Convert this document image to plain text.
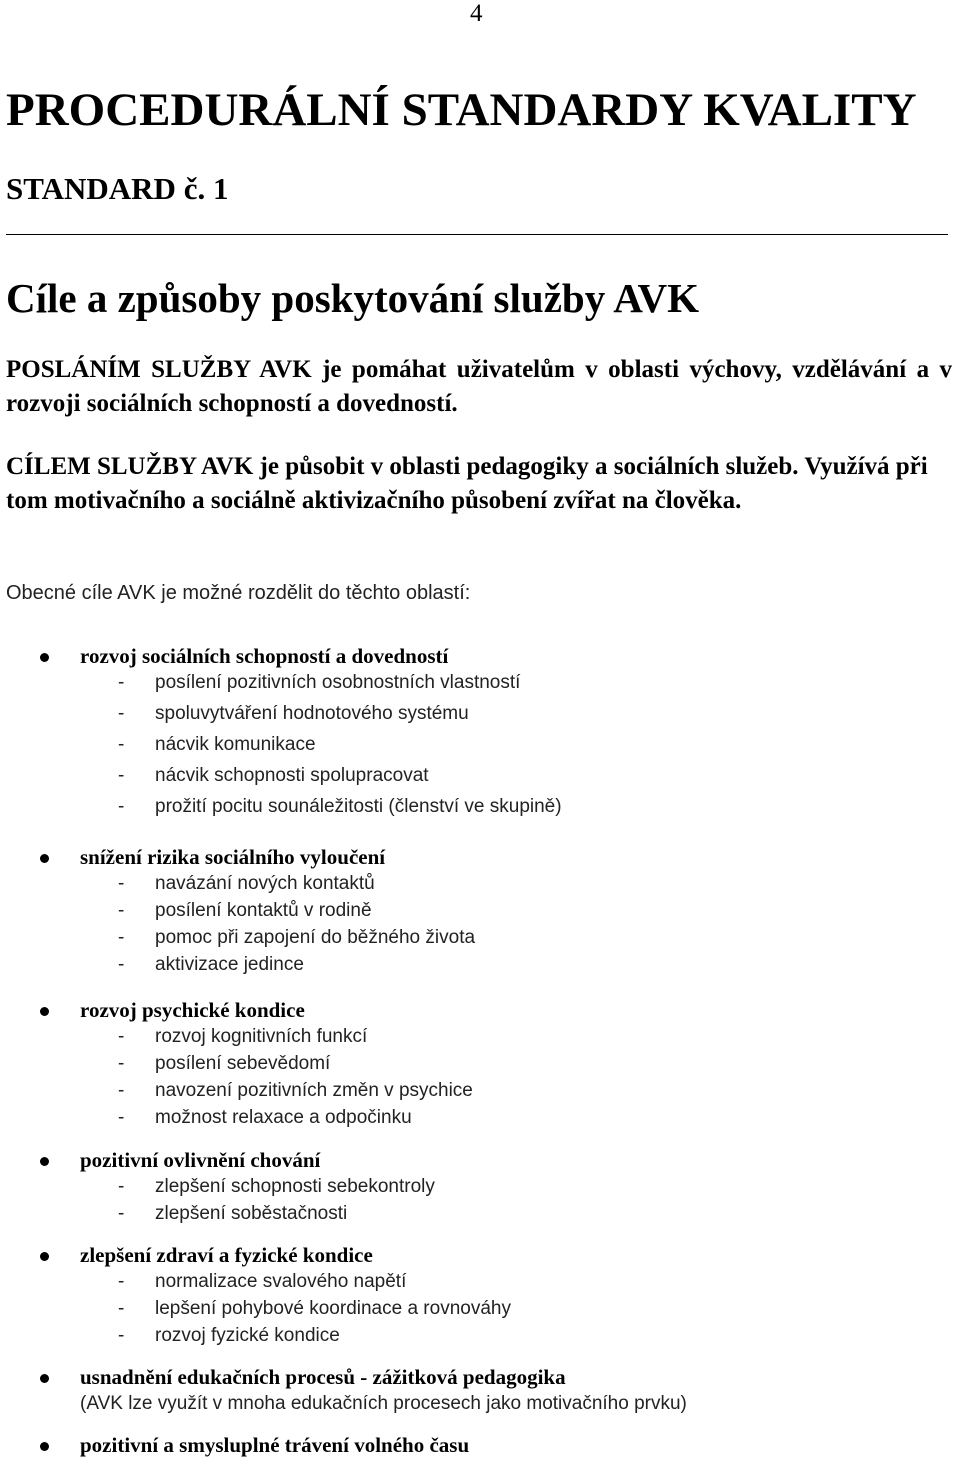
4
PROCEDURÁLNÍ STANDARDY KVALITY
STANDARD č. 1
Cíle a způsoby poskytování služby AVK
POSLÁNÍM SLUŽBY AVK je pomáhat uživatelům v oblasti výchovy, vzdělávání a v rozvoji sociálních schopností a dovedností.
CÍLEM SLUŽBY AVK je působit v oblasti pedagogiky a sociálních služeb. Využívá při tom motivačního a sociálně aktivizačního působení zvířat na člověka.
Obecné cíle AVK je možné rozdělit do těchto oblastí:
rozvoj sociálních schopností a dovedností
- posílení pozitivních osobnostních vlastností
- spoluvytváření hodnotového systému
- nácvik komunikace
- nácvik schopnosti spolupracovat
- prožití pocitu sounáležitosti (členství ve skupině)
snížení rizika sociálního vyloučení
- navázání nových kontaktů
- posílení kontaktů v rodině
- pomoc při zapojení do běžného života
- aktivizace jedince
rozvoj psychické kondice
- rozvoj kognitivních funkcí
- posílení sebevědomí
- navození pozitivních změn v psychice
- možnost relaxace a odpočinku
pozitivní ovlivnění chování
- zlepšení schopnosti sebekontroly
- zlepšení soběstačnosti
zlepšení zdraví a fyzické kondice
- normalizace svalového napětí
- lepšení pohybové koordinace a rovnováhy
- rozvoj fyzické kondice
usnadnění edukačních procesů - zážitková pedagogika
(AVK lze využít v mnoha edukačních procesech jako motivačního prvku)
pozitivní a smysluplné trávení volného času
